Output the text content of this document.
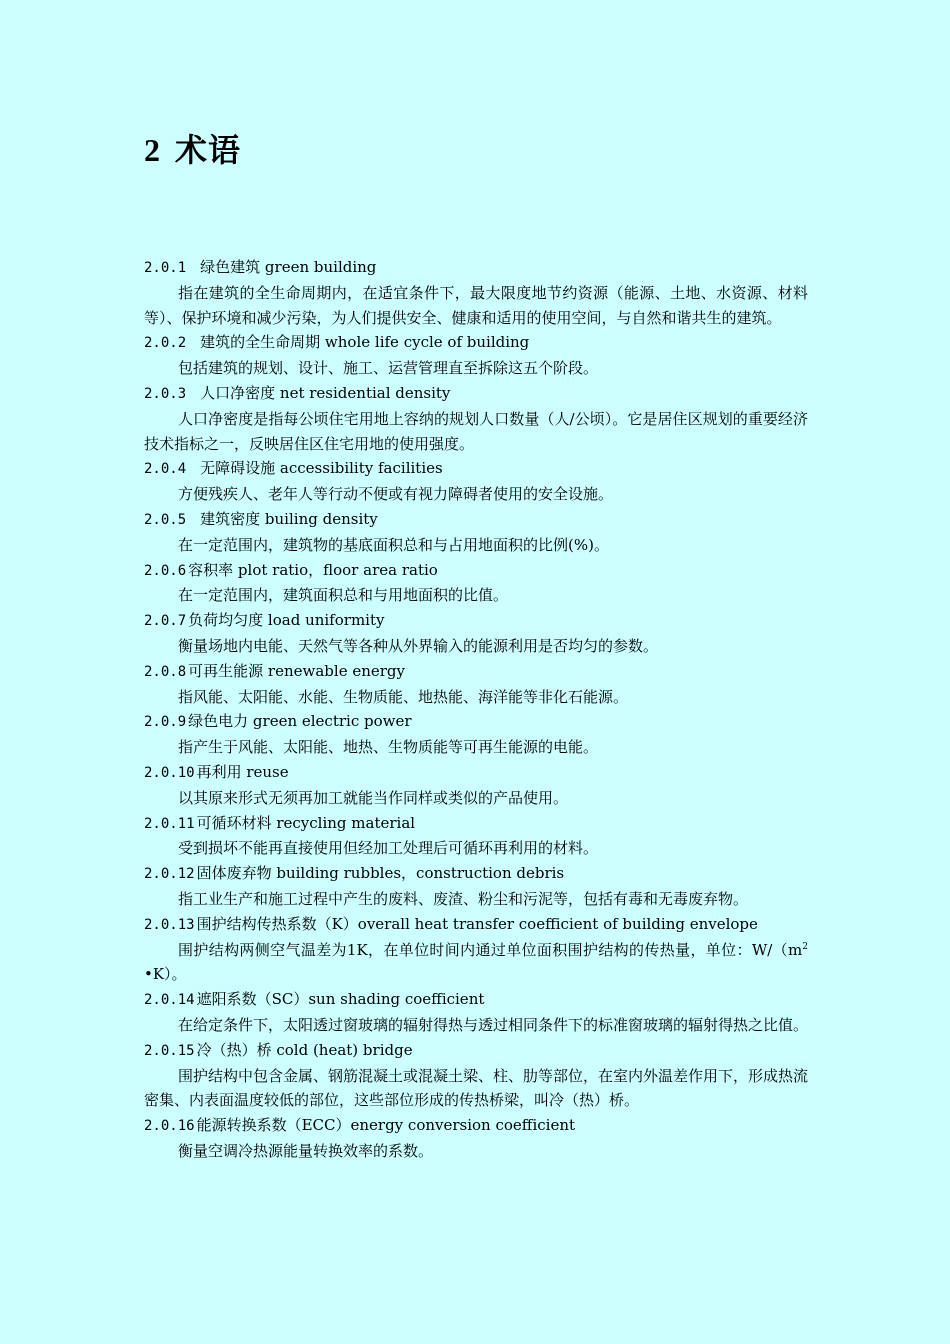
2 术语
2.0.1 绿色建筑 green building

指在建筑的全生命周期内，在适宜条件下，最大限度地节约资源（能源、土地、水资源、材料等）、保护环境和减少污染，为人们提供安全、健康和适用的使用空间，与自然和谐共生的建筑。

2.0.2 建筑的全生命周期 whole life cycle of building

包括建筑的规划、设计、施工、运营管理直至拆除这五个阶段。

2.0.3 人口净密度 net residential density

人口净密度是指每公顷住宅用地上容纳的规划人口数量（人/公顷）。它是居住区规划的重要经济技术指标之一，反映居住区住宅用地的使用强度。

2.0.4 无障碍设施 accessibility facilities

方便残疾人、老年人等行动不便或有视力障碍者使用的安全设施。

2.0.5 建筑密度 builing density

在一定范围内，建筑物的基底面积总和与占用地面积的比例(%)。

2.0.6 容积率 plot ratio，floor area ratio

在一定范围内，建筑面积总和与用地面积的比值。

2.0.7 负荷均匀度 load uniformity

衡量场地内电能、天然气等各种从外界输入的能源利用是否均匀的参数。

2.0.8 可再生能源 renewable energy

指风能、太阳能、水能、生物质能、地热能、海洋能等非化石能源。

2.0.9 绿色电力 green electric power

指产生于风能、太阳能、地热、生物质能等可再生能源的电能。

2.0.10 再利用 reuse

以其原来形式无须再加工就能当作同样或类似的产品使用。

2.0.11 可循环材料 recycling material

受到损坏不能再直接使用但经加工处理后可循环再利用的材料。

2.0.12 固体废弃物 building rubbles，construction debris

指工业生产和施工过程中产生的废料、废渣、粉尘和污泥等，包括有毒和无毒废弃物。

2.0.13 围护结构传热系数（K）overall heat transfer coefficient of building envelope

围护结构两侧空气温差为1K，在单位时间内通过单位面积围护结构的传热量，单位：$W/(m^2$ •K）。

2.0.14 遮阳系数（SC）sun shading coefficient

在给定条件下，太阳透过窗玻璃的辐射得热与透过相同条件下的标准窗玻璃的辐射得热之比值。

2.0.15 冷（热）桥 cold (heat) bridge

围护结构中包含金属、钢筋混凝土或混凝土梁、柱、肋等部位，在室内外温差作用下，形成热流密集、内表面温度较低的部位，这些部位形成的传热桥梁，叫冷（热）桥。

2.0.16 能源转换系数（ECC）energy conversion coefficient

衡量空调冷热源能量转换效率的系数。
